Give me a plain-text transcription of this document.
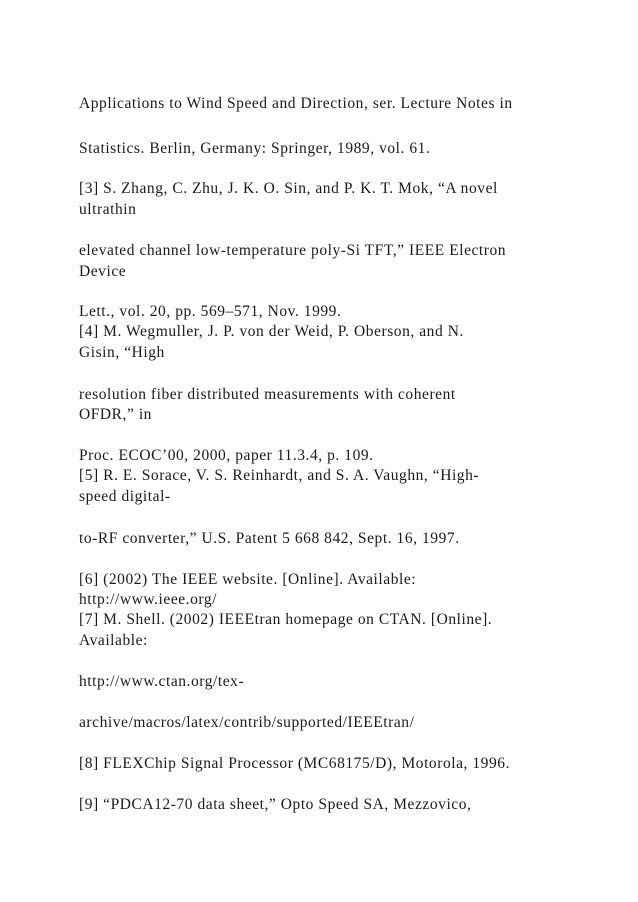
Applications to Wind Speed and Direction, ser. Lecture Notes in
Statistics. Berlin, Germany: Springer, 1989, vol. 61.
[3] S. Zhang, C. Zhu, J. K. O. Sin, and P. K. T. Mok, “A novel
ultrathin
elevated channel low-temperature poly-Si TFT,” IEEE Electron
Device
Lett., vol. 20, pp. 569–571, Nov. 1999.
[4] M. Wegmuller, J. P. von der Weid, P. Oberson, and N.
Gisin, “High
resolution fiber distributed measurements with coherent
OFDR,” in
Proc. ECOC’00, 2000, paper 11.3.4, p. 109.
[5] R. E. Sorace, V. S. Reinhardt, and S. A. Vaughn, “High-
speed digital-
to-RF converter,” U.S. Patent 5 668 842, Sept. 16, 1997.
[6] (2002) The IEEE website. [Online]. Available:
http://www.ieee.org/
[7] M. Shell. (2002) IEEEtran homepage on CTAN. [Online].
Available:
http://www.ctan.org/tex-
archive/macros/latex/contrib/supported/IEEEtran/
[8] FLEXChip Signal Processor (MC68175/D), Motorola, 1996.
[9] “PDCA12-70 data sheet,” Opto Speed SA, Mezzovico,
